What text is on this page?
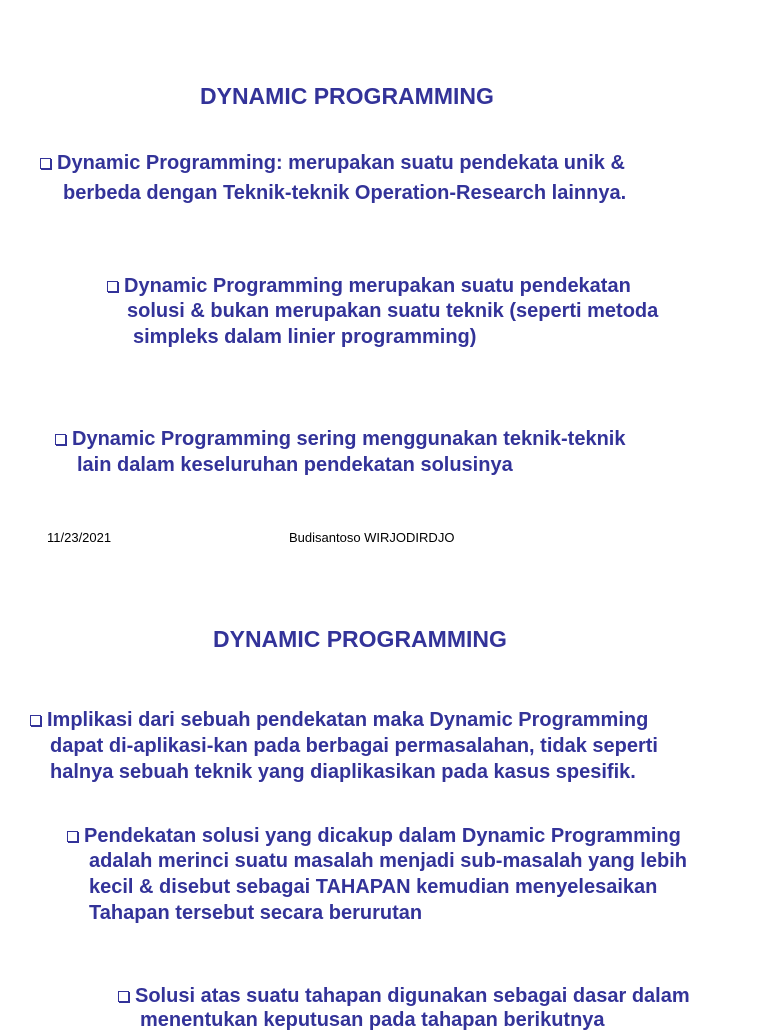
DYNAMIC PROGRAMMING
Dynamic Programming: merupakan suatu pendekata unik &
berbeda dengan Teknik-teknik Operation-Research lainnya.
Dynamic Programming merupakan suatu pendekatan
solusi & bukan merupakan suatu teknik (seperti metoda
simpleks dalam linier programming)
Dynamic Programming sering menggunakan teknik-teknik
lain dalam keseluruhan pendekatan solusinya
11/23/2021	Budisantoso WIRJODIRDJO
DYNAMIC PROGRAMMING
Implikasi dari sebuah pendekatan maka Dynamic Programming
dapat di-aplikasi-kan pada berbagai permasalahan, tidak seperti
halnya sebuah teknik yang diaplikasikan pada kasus spesifik.
Pendekatan solusi yang dicakup dalam Dynamic Programming
adalah merinci suatu masalah menjadi sub-masalah yang lebih
kecil & disebut sebagai TAHAPAN kemudian menyelesaikan
Tahapan tersebut secara berurutan
Solusi atas suatu tahapan digunakan sebagai dasar dalam
menentukan keputusan pada tahapan berikutnya
